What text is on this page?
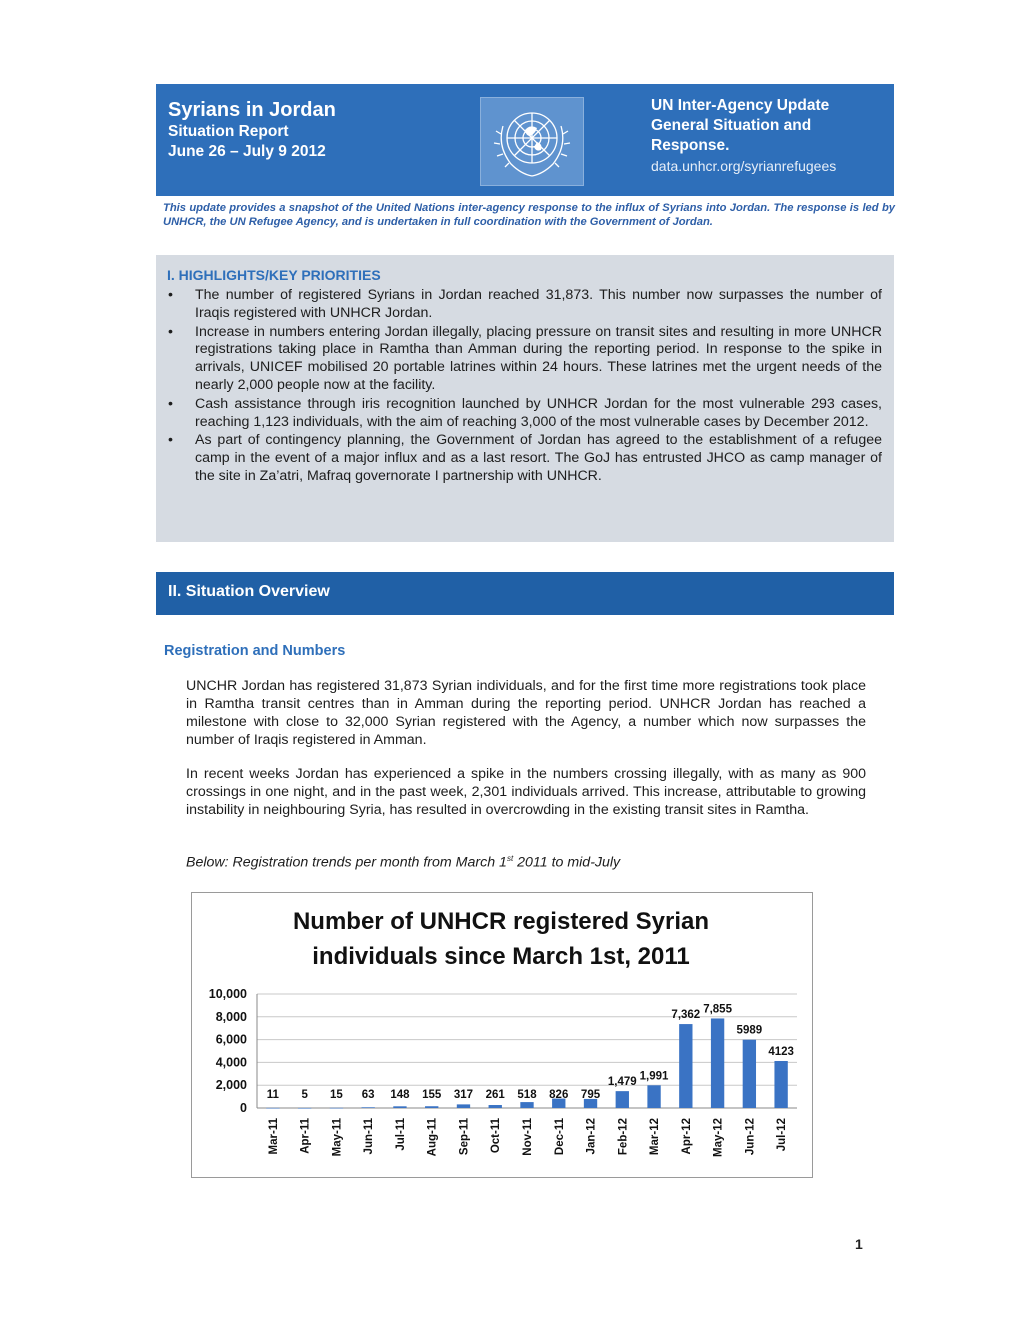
Syrians in Jordan
Situation Report
June 26 – July 9 2012
UN Inter-Agency Update
General Situation and
Response.
data.unhcr.org/syrianrefugees
This update provides a snapshot of the United Nations inter-agency response to the influx of Syrians into Jordan. The response is led by UNHCR, the UN Refugee Agency, and is undertaken in full coordination with the Government of Jordan.
I. HIGHLIGHTS/KEY PRIORITIES
• The number of registered Syrians in Jordan reached 31,873. This number now surpasses the number of Iraqis registered with UNHCR Jordan.
• Increase in numbers entering Jordan illegally, placing pressure on transit sites and resulting in more UNHCR registrations taking place in Ramtha than Amman during the reporting period. In response to the spike in arrivals, UNICEF mobilised 20 portable latrines within 24 hours. These latrines met the urgent needs of the nearly 2,000 people now at the facility.
• Cash assistance through iris recognition launched by UNHCR Jordan for the most vulnerable 293 cases, reaching 1,123 individuals, with the aim of reaching 3,000 of the most vulnerable cases by December 2012.
• As part of contingency planning, the Government of Jordan has agreed to the establishment of a refugee camp in the event of a major influx and as a last resort. The GoJ has entrusted JHCO as camp manager of the site in Za’atri, Mafraq governorate I partnership with UNHCR.
II. Situation Overview
Registration and Numbers

UNCHR Jordan has registered 31,873 Syrian individuals, and for the first time more registrations took place in Ramtha transit centres than in Amman during the reporting period. UNHCR Jordan has reached a milestone with close to 32,000 Syrian registered with the Agency, a number which now surpasses the number of Iraqis registered in Amman.

In recent weeks Jordan has experienced a spike in the numbers crossing illegally, with as many as 900 crossings in one night, and in the past week, 2,301 individuals arrived. This increase, attributable to growing instability in neighbouring Syria, has resulted in overcrowding in the existing transit sites in Ramtha.

Below: Registration trends per month from March 1st 2011 to mid-July
Number of UNHCR registered Syrian
individuals since March 1st, 2011
0
2,000
4,000
6,000
8,000
10,000
11
Mar-11
5
Apr-11
15
May-11
63
Jun-11
148
Jul-11
155
Aug-11
317
Sep-11
261
Oct-11
518
Nov-11
826
Dec-11
795
Jan-12
1,479
Feb-12
1,991
Mar-12
7,362
Apr-12
7,855
May-12
5989
Jun-12
4123
Jul-12
1
